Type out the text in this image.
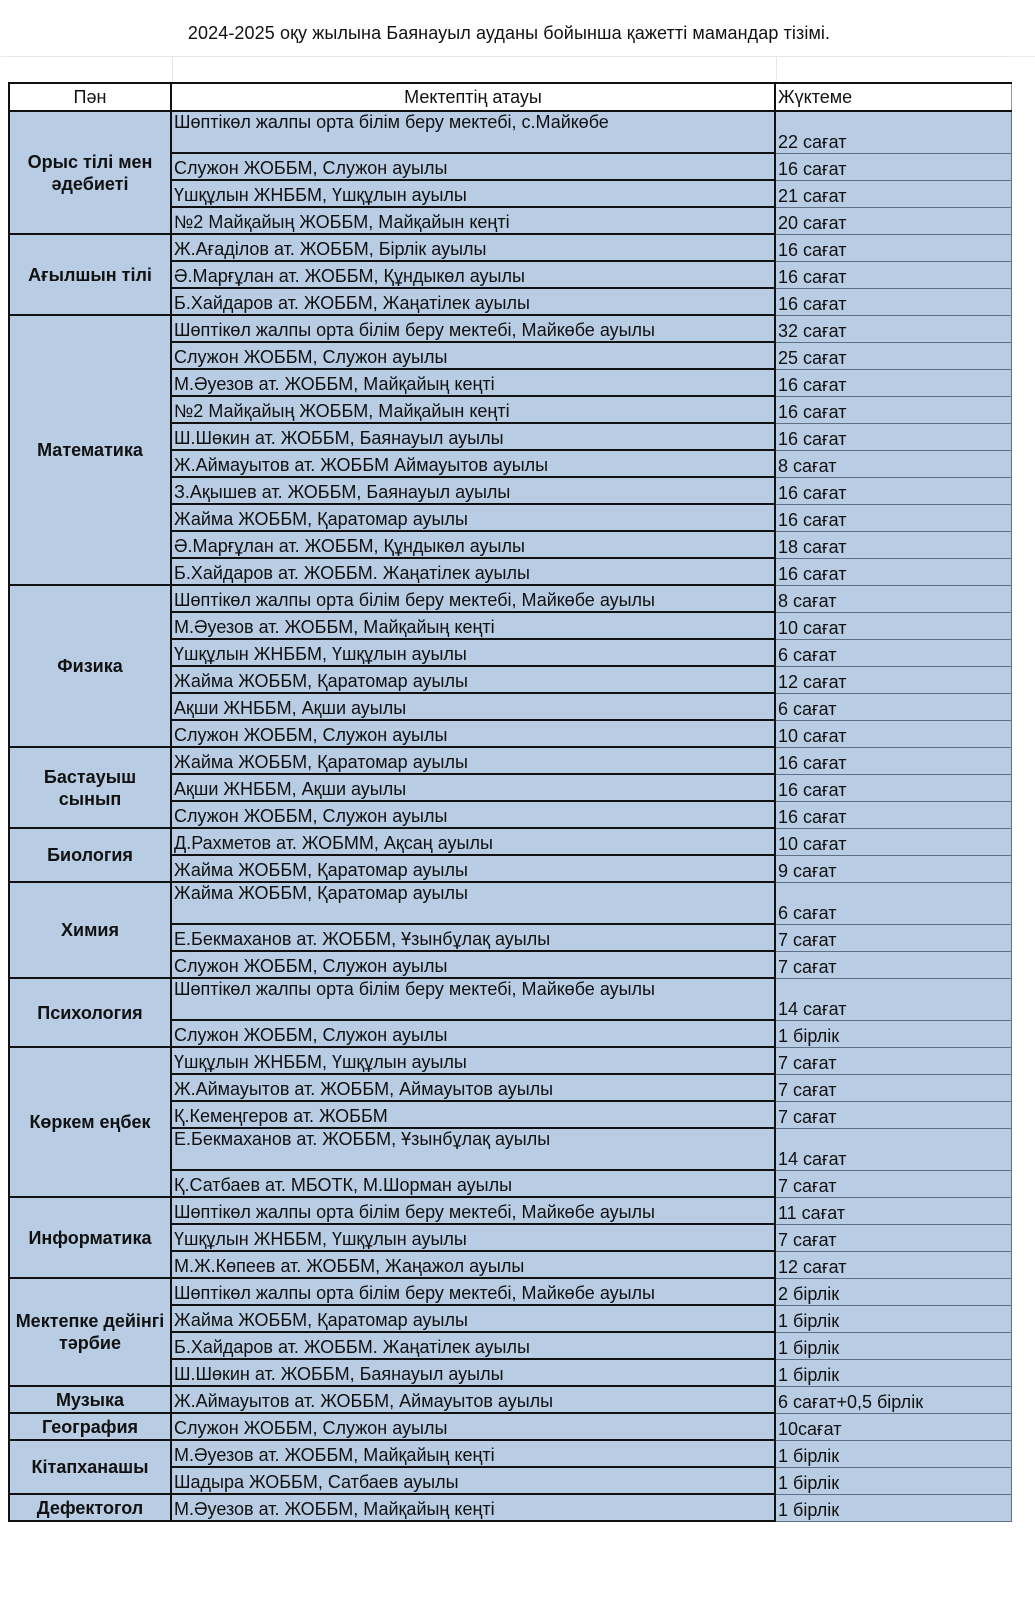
2024-2025 оқу жылына Баянауыл ауданы бойынша қажетті мамандар тізімі.
Пән	Мектептің атауы	Жүктеме
Орыс тілі мен әдебиеті	Шөптікөл жалпы орта білім беру мектебі, с.Майкөбе	22 сағат
	Служон ЖОББМ, Служон ауылы	16 сағат
	Үшқұлын ЖНББМ, Үшқұлын ауылы	21 сағат
	№2 Майқайың ЖОББМ, Майқайын кеңті	20 сағат
Ағылшын тілі	Ж.Ағаділов ат. ЖОББМ, Бірлік ауылы	16 сағат
	Ә.Марғұлан ат. ЖОББМ, Құндыкөл ауылы	16 сағат
	Б.Хайдаров ат. ЖОББМ, Жаңатілек ауылы	16 сағат
Математика	Шөптікөл жалпы орта білім беру мектебі, Майкөбе ауылы	32 сағат
	Служон ЖОББМ, Служон ауылы	25 сағат
	М.Әуезов ат. ЖОББМ, Майқайың кеңті	16 сағат
	№2 Майқайың ЖОББМ, Майқайын кеңті	16 сағат
	Ш.Шөкин ат. ЖОББМ, Баянауыл ауылы	16 сағат
	Ж.Аймауытов ат. ЖОББМ Аймауытов ауылы	8 сағат
	З.Ақышев ат. ЖОББМ, Баянауыл ауылы	16 сағат
	Жайма ЖОББМ, Қаратомар ауылы	16 сағат
	Ә.Марғұлан ат. ЖОББМ, Құндыкөл ауылы	18 сағат
	Б.Хайдаров ат. ЖОББМ. Жаңатілек ауылы	16 сағат
Физика	Шөптікөл жалпы орта білім беру мектебі, Майкөбе ауылы	8 сағат
	М.Әуезов ат. ЖОББМ, Майқайың кеңті	10 сағат
	Үшқұлын ЖНББМ, Үшқұлын ауылы	6 сағат
	Жайма ЖОББМ, Қаратомар ауылы	12 сағат
	Ақши ЖНББМ, Ақши ауылы	6 сағат
	Служон ЖОББМ, Служон ауылы	10 сағат
Бастауыш сынып	Жайма ЖОББМ, Қаратомар ауылы	16 сағат
	Ақши ЖНББМ, Ақши ауылы	16 сағат
	Служон ЖОББМ, Служон ауылы	16 сағат
Биология	Д.Рахметов ат. ЖОБММ, Ақсаң ауылы	10 сағат
	Жайма ЖОББМ, Қаратомар ауылы	9 сағат
Химия	Жайма ЖОББМ, Қаратомар ауылы	6 сағат
	Е.Бекмаханов ат. ЖОББМ, Ұзынбұлақ ауылы	7 сағат
	Служон ЖОББМ, Служон ауылы	7 сағат
Психология	Шөптікөл жалпы орта білім беру мектебі, Майкөбе ауылы	14 сағат
	Служон ЖОББМ, Служон ауылы	1 бірлік
Көркем еңбек	Үшқұлын ЖНББМ, Үшқұлын ауылы	7 сағат
	Ж.Аймауытов ат. ЖОББМ, Аймауытов ауылы	7 сағат
	Қ.Кемеңгеров ат. ЖОББМ	7 сағат
	Е.Бекмаханов ат. ЖОББМ, Ұзынбұлақ ауылы	14 сағат
	Қ.Сатбаев ат. МБОТК, М.Шорман ауылы	7 сағат
Информатика	Шөптікөл жалпы орта білім беру мектебі, Майкөбе ауылы	11 сағат
	Үшқұлын ЖНББМ, Үшқұлын ауылы	7 сағат
	М.Ж.Көпеев ат. ЖОББМ, Жаңажол ауылы	12 сағат
Мектепке дейінгі тәрбие	Шөптікөл жалпы орта білім беру мектебі, Майкөбе ауылы	2 бірлік
	Жайма ЖОББМ, Қаратомар ауылы	1 бірлік
	Б.Хайдаров ат. ЖОББМ. Жаңатілек ауылы	1 бірлік
	Ш.Шөкин ат. ЖОББМ, Баянауыл ауылы	1 бірлік
Музыка	Ж.Аймауытов ат. ЖОББМ, Аймауытов ауылы	6 сағат+0,5 бірлік
География	Служон ЖОББМ, Служон ауылы	10сағат
Кітапханашы	М.Әуезов ат. ЖОББМ, Майқайың кеңті	1 бірлік
	Шадыра ЖОББМ, Сатбаев ауылы	1 бірлік
Дефектогол	М.Әуезов ат. ЖОББМ, Майқайың кеңті	1 бірлік
